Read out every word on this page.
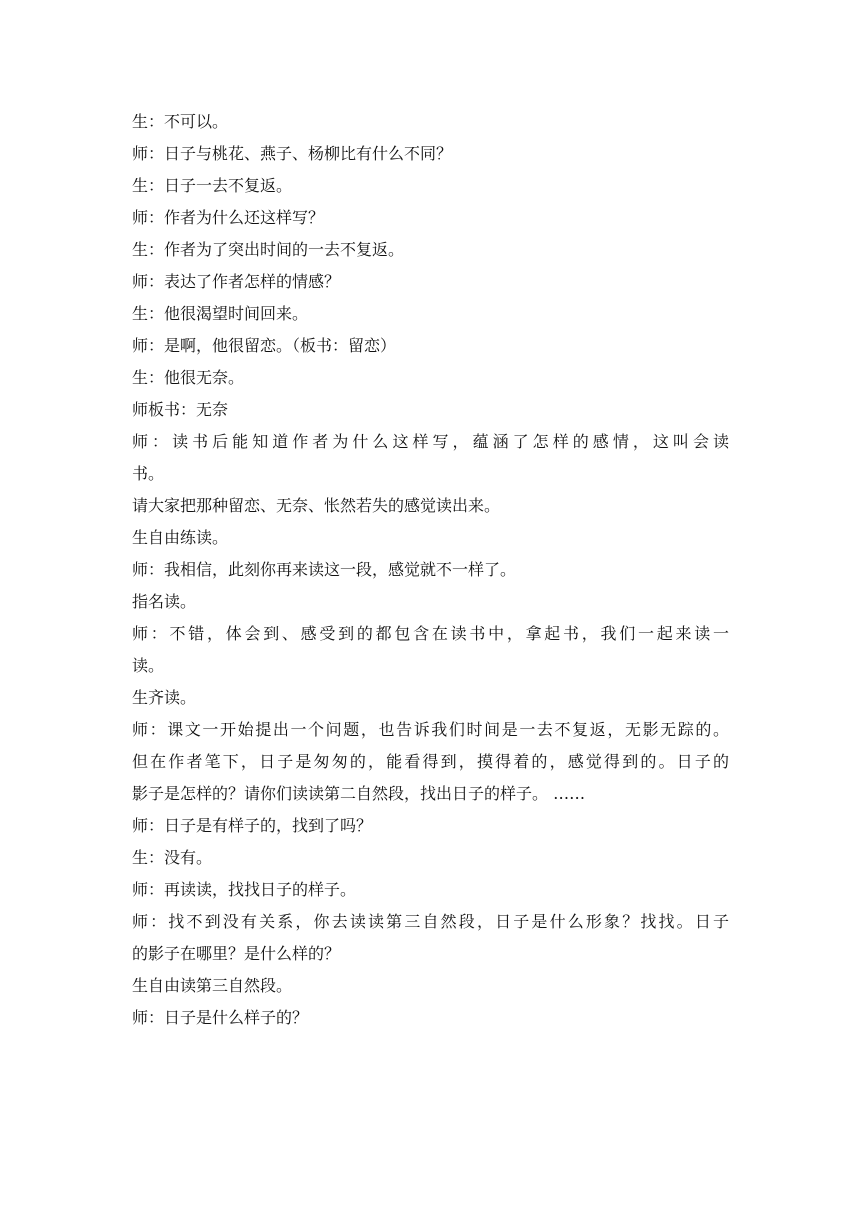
生：不可以。
师：日子与桃花、燕子、杨柳比有什么不同？
生：日子一去不复返。
师：作者为什么还这样写？
生：作者为了突出时间的一去不复返。
师：表达了作者怎样的情感？
生：他很渴望时间回来。
师：是啊，他很留恋。（板书：留恋）
生：他很无奈。
师板书：无奈
师：读书后能知道作者为什么这样写，蕴涵了怎样的感情，这叫会读
书。
请大家把那种留恋、无奈、怅然若失的感觉读出来。
生自由练读。
师：我相信，此刻你再来读这一段，感觉就不一样了。
指名读。
师：不错，体会到、感受到的都包含在读书中，拿起书，我们一起来读一
读。
生齐读。
师：课文一开始提出一个问题，也告诉我们时间是一去不复返，无影无踪的。
但在作者笔下，日子是匆匆的，能看得到，摸得着的，感觉得到的。日子的
影子是怎样的？请你们读读第二自然段，找出日子的样子。 ……
师：日子是有样子的，找到了吗？
生：没有。
师：再读读，找找日子的样子。
师：找不到没有关系，你去读读第三自然段，日子是什么形象？找找。日子
的影子在哪里？是什么样的？
生自由读第三自然段。
师：日子是什么样子的？
